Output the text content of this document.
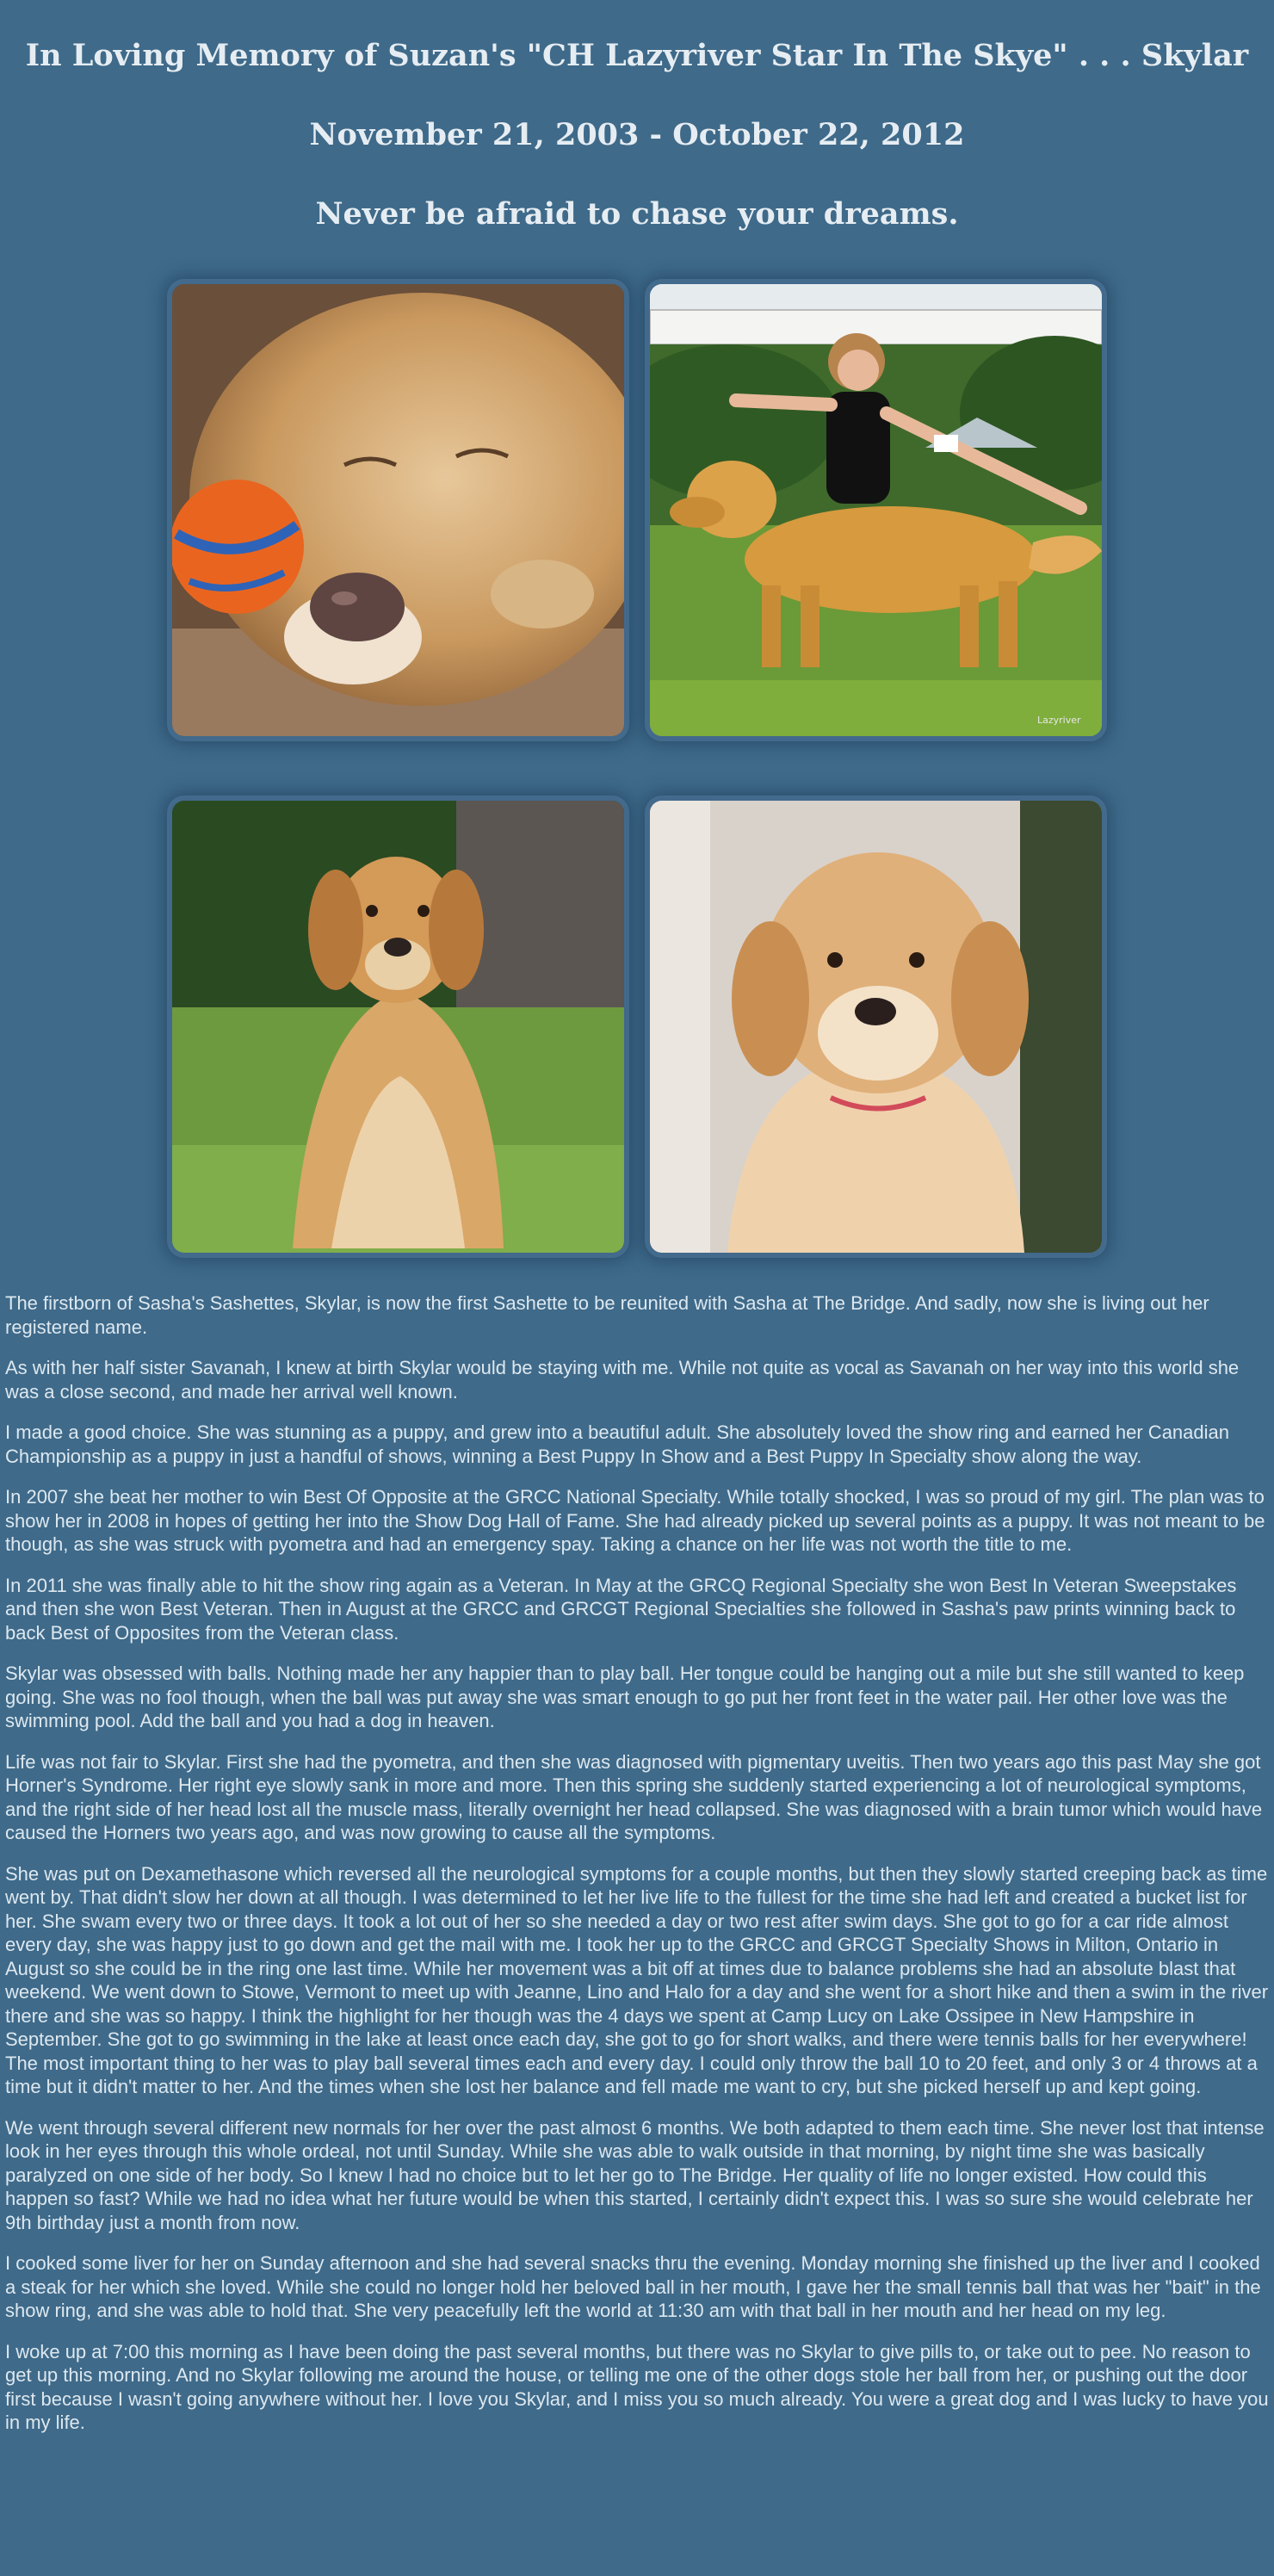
In Loving Memory of Suzan's "CH Lazyriver Star In The Skye" . . . Skylar
November 21, 2003 - October 22, 2012
Never be afraid to chase your dreams.
Lazyriver

The firstborn of Sasha's Sashettes, Skylar, is now the first Sashette to be reunited with Sasha at The Bridge. And sadly, now she is living out her registered name.

As with her half sister Savanah, I knew at birth Skylar would be staying with me. While not quite as vocal as Savanah on her way into this world she was a close second, and made her arrival well known.

I made a good choice. She was stunning as a puppy, and grew into a beautiful adult. She absolutely loved the show ring and earned her Canadian Championship as a puppy in just a handful of shows, winning a Best Puppy In Show and a Best Puppy In Specialty show along the way.

In 2007 she beat her mother to win Best Of Opposite at the GRCC National Specialty. While totally shocked, I was so proud of my girl. The plan was to show her in 2008 in hopes of getting her into the Show Dog Hall of Fame. She had already picked up several points as a puppy. It was not meant to be though, as she was struck with pyometra and had an emergency spay. Taking a chance on her life was not worth the title to me.

In 2011 she was finally able to hit the show ring again as a Veteran. In May at the GRCQ Regional Specialty she won Best In Veteran Sweepstakes and then she won Best Veteran. Then in August at the GRCC and GRCGT Regional Specialties she followed in Sasha's paw prints winning back to back Best of Opposites from the Veteran class.

Skylar was obsessed with balls. Nothing made her any happier than to play ball. Her tongue could be hanging out a mile but she still wanted to keep going. She was no fool though, when the ball was put away she was smart enough to go put her front feet in the water pail. Her other love was the swimming pool. Add the ball and you had a dog in heaven.

Life was not fair to Skylar. First she had the pyometra, and then she was diagnosed with pigmentary uveitis. Then two years ago this past May she got Horner's Syndrome. Her right eye slowly sank in more and more. Then this spring she suddenly started experiencing a lot of neurological symptoms, and the right side of her head lost all the muscle mass, literally overnight her head collapsed. She was diagnosed with a brain tumor which would have caused the Horners two years ago, and was now growing to cause all the symptoms.

She was put on Dexamethasone which reversed all the neurological symptoms for a couple months, but then they slowly started creeping back as time went by. That didn't slow her down at all though. I was determined to let her live life to the fullest for the time she had left and created a bucket list for her. She swam every two or three days. It took a lot out of her so she needed a day or two rest after swim days. She got to go for a car ride almost every day, she was happy just to go down and get the mail with me. I took her up to the GRCC and GRCGT Specialty Shows in Milton, Ontario in August so she could be in the ring one last time. While her movement was a bit off at times due to balance problems she had an absolute blast that weekend. We went down to Stowe, Vermont to meet up with Jeanne, Lino and Halo for a day and she went for a short hike and then a swim in the river there and she was so happy. I think the highlight for her though was the 4 days we spent at Camp Lucy on Lake Ossipee in New Hampshire in September. She got to go swimming in the lake at least once each day, she got to go for short walks, and there were tennis balls for her everywhere! The most important thing to her was to play ball several times each and every day. I could only throw the ball 10 to 20 feet, and only 3 or 4 throws at a time but it didn't matter to her. And the times when she lost her balance and fell made me want to cry, but she picked herself up and kept going.

We went through several different new normals for her over the past almost 6 months. We both adapted to them each time. She never lost that intense look in her eyes through this whole ordeal, not until Sunday. While she was able to walk outside in that morning, by night time she was basically paralyzed on one side of her body. So I knew I had no choice but to let her go to The Bridge. Her quality of life no longer existed. How could this happen so fast? While we had no idea what her future would be when this started, I certainly didn't expect this. I was so sure she would celebrate her 9th birthday just a month from now.

I cooked some liver for her on Sunday afternoon and she had several snacks thru the evening. Monday morning she finished up the liver and I cooked a steak for her which she loved. While she could no longer hold her beloved ball in her mouth, I gave her the small tennis ball that was her "bait" in the show ring, and she was able to hold that. She very peacefully left the world at 11:30 am with that ball in her mouth and her head on my leg.

I woke up at 7:00 this morning as I have been doing the past several months, but there was no Skylar to give pills to, or take out to pee. No reason to get up this morning. And no Skylar following me around the house, or telling me one of the other dogs stole her ball from her, or pushing out the door first because I wasn't going anywhere without her. I love you Skylar, and I miss you so much already. You were a great dog and I was lucky to have you in my life.
